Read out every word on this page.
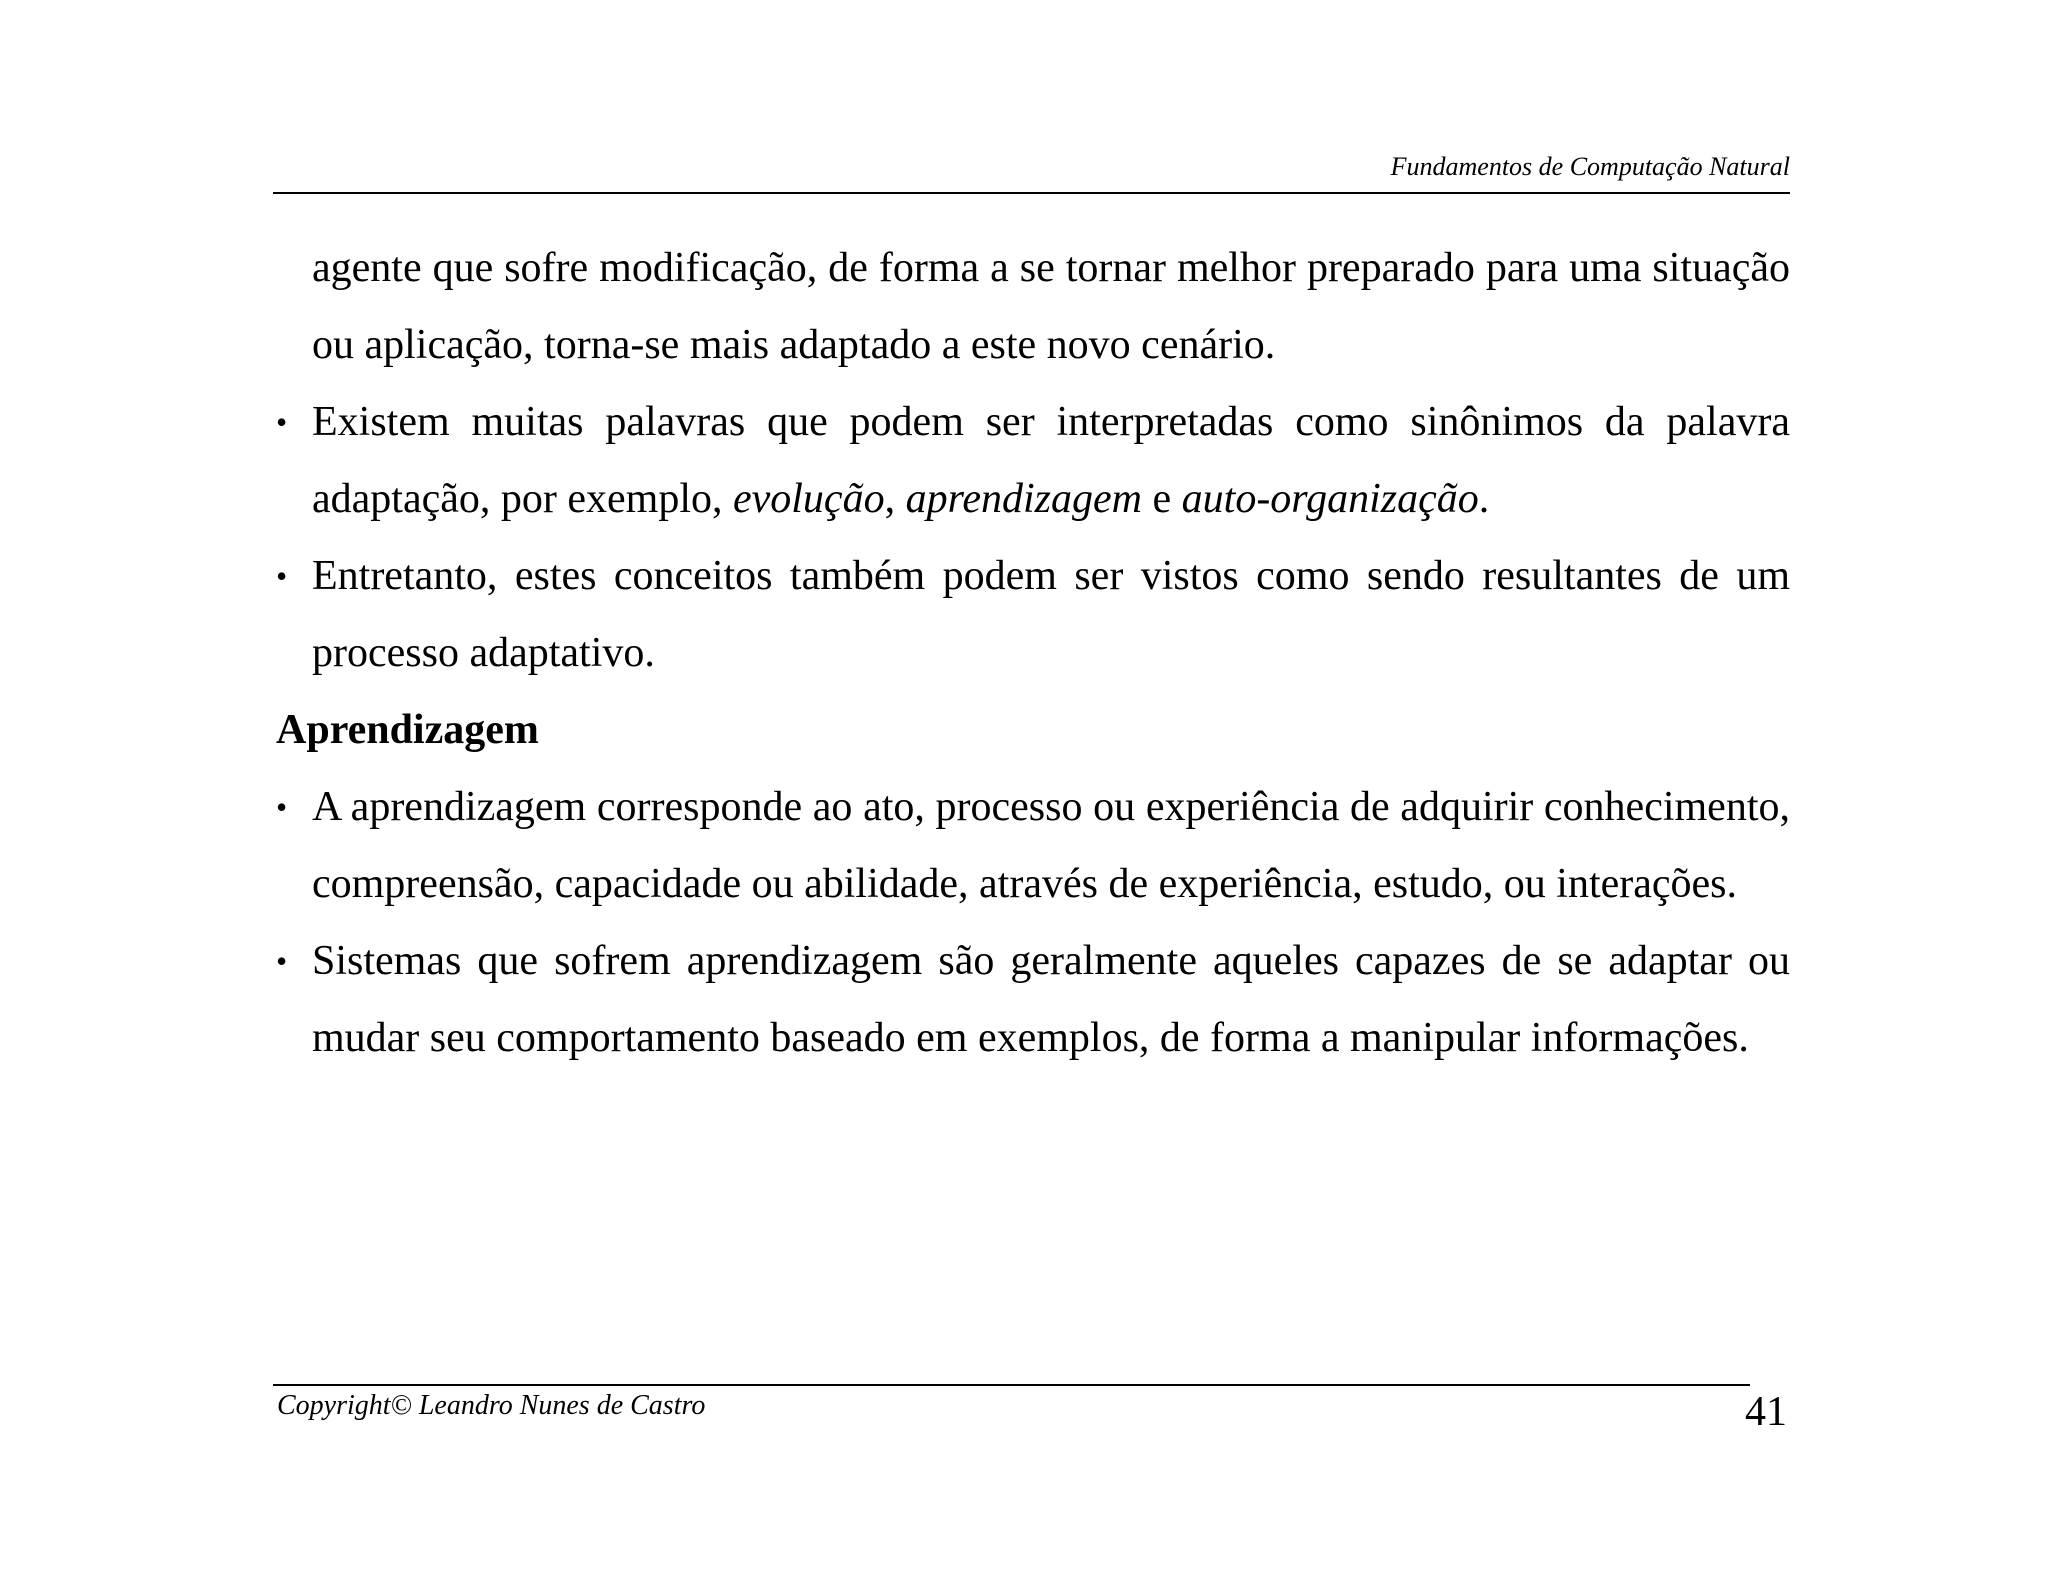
Fundamentos de Computação Natural

agente que sofre modificação, de forma a se tornar melhor preparado para uma situação ou aplicação, torna-se mais adaptado a este novo cenário.

• Existem muitas palavras que podem ser interpretadas como sinônimos da palavra adaptação, por exemplo, evolução, aprendizagem e auto-organização.

• Entretanto, estes conceitos também podem ser vistos como sendo resultantes de um processo adaptativo.

Aprendizagem

• A aprendizagem corresponde ao ato, processo ou experiência de adquirir conhecimento, compreensão, capacidade ou abilidade, através de experiência, estudo, ou interações.

• Sistemas que sofrem aprendizagem são geralmente aqueles capazes de se adaptar ou mudar seu comportamento baseado em exemplos, de forma a manipular informações.

Copyright© Leandro Nunes de Castro	41
